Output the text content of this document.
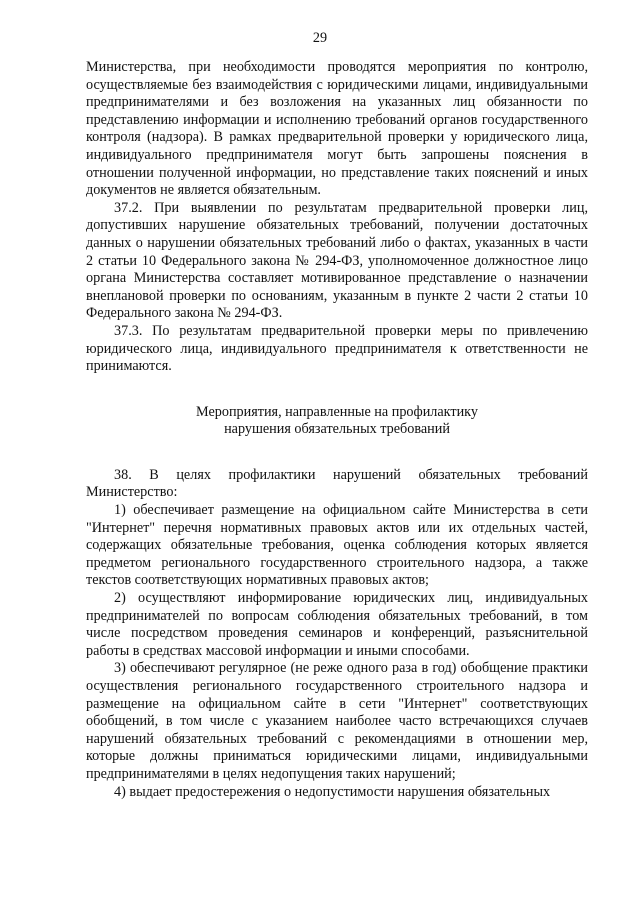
29

Министерства, при необходимости проводятся мероприятия по контролю, осуществляемые без взаимодействия с юридическими лицами, индивидуальными предпринимателями и без возложения на указанных лиц обязанности по представлению информации и исполнению требований органов государственного контроля (надзора). В рамках предварительной проверки у юридического лица, индивидуального предпринимателя могут быть запрошены пояснения в отношении полученной информации, но представление таких пояснений и иных документов не является обязательным.

37.2. При выявлении по результатам предварительной проверки лиц, допустивших нарушение обязательных требований, получении достаточных данных о нарушении обязательных требований либо о фактах, указанных в части 2 статьи 10 Федерального закона № 294-ФЗ, уполномоченное должностное лицо органа Министерства составляет мотивированное представление о назначении внеплановой проверки по основаниям, указанным в пункте 2 части 2 статьи 10 Федерального закона № 294-ФЗ.

37.3. По результатам предварительной проверки меры по привлечению юридического лица, индивидуального предпринимателя к ответственности не принимаются.

Мероприятия, направленные на профилактику

нарушения обязательных требований

38. В целях профилактики нарушений обязательных требований Министерство:

1) обеспечивает размещение на официальном сайте Министерства в сети "Интернет" перечня нормативных правовых актов или их отдельных частей, содержащих обязательные требования, оценка соблюдения которых является предметом регионального государственного строительного надзора, а также текстов соответствующих нормативных правовых актов;

2) осуществляют информирование юридических лиц, индивидуальных предпринимателей по вопросам соблюдения обязательных требований, в том числе посредством проведения семинаров и конференций, разъяснительной работы в средствах массовой информации и иными способами.

3) обеспечивают регулярное (не реже одного раза в год) обобщение практики осуществления регионального государственного строительного надзора и размещение на официальном сайте в сети "Интернет" соответствующих обобщений, в том числе с указанием наиболее часто встречающихся случаев нарушений обязательных требований с рекомендациями в отношении мер, которые должны приниматься юридическими лицами, индивидуальными предпринимателями в целях недопущения таких нарушений;

4) выдает предостережения о недопустимости нарушения обязательных
